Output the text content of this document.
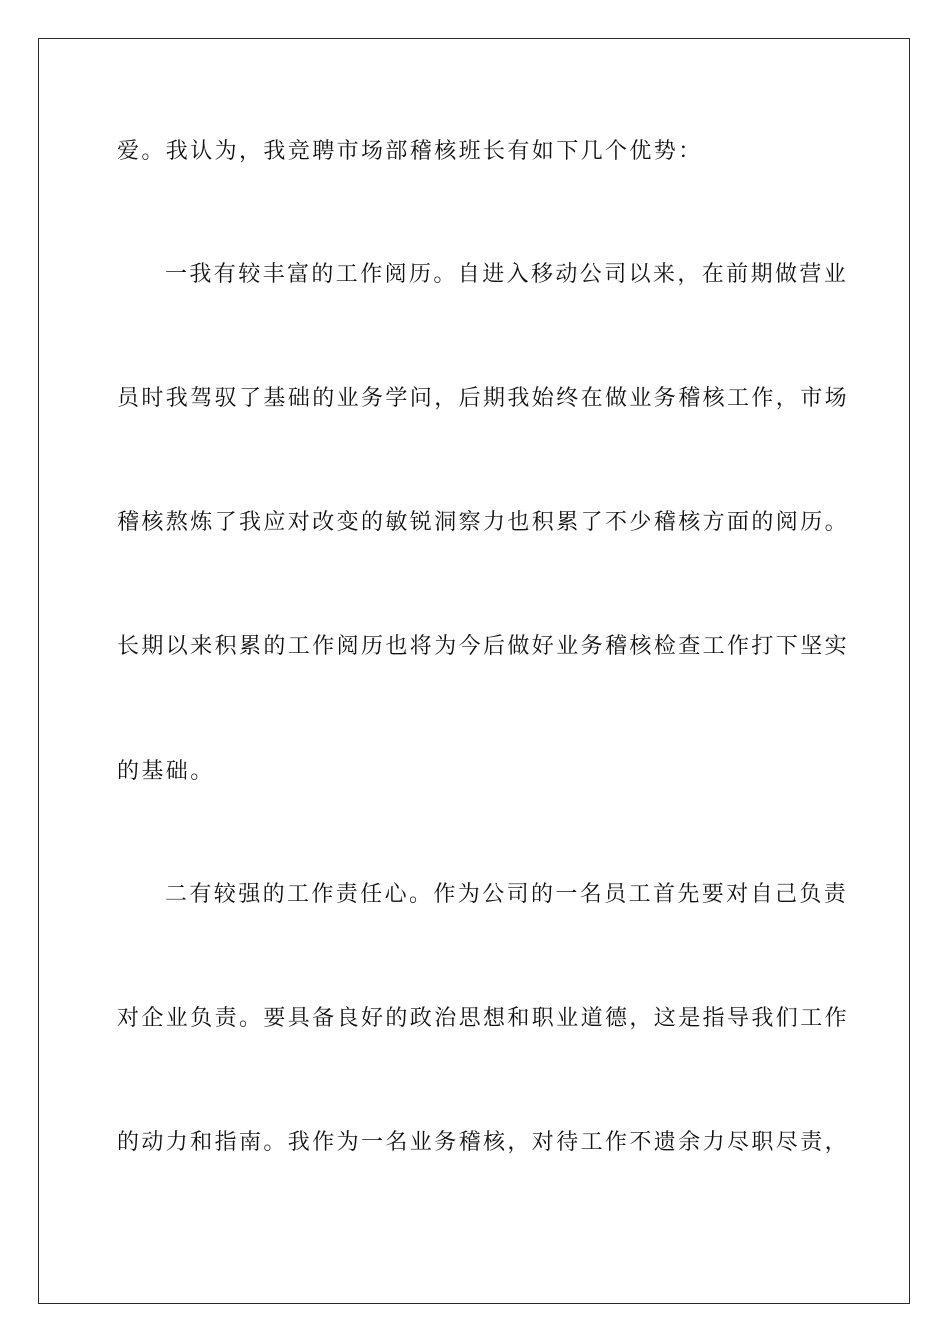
爱。我认为，我竞聘市场部稽核班长有如下几个优势：
一我有较丰富的工作阅历。自进入移动公司以来，在前期做营业
员时我驾驭了基础的业务学问，后期我始终在做业务稽核工作，市场
稽核熬炼了我应对改变的敏锐洞察力也积累了不少稽核方面的阅历。
长期以来积累的工作阅历也将为今后做好业务稽核检查工作打下坚实
的基础。
二有较强的工作责任心。作为公司的一名员工首先要对自己负责
对企业负责。要具备良好的政治思想和职业道德，这是指导我们工作
的动力和指南。我作为一名业务稽核，对待工作不遗余力尽职尽责，
